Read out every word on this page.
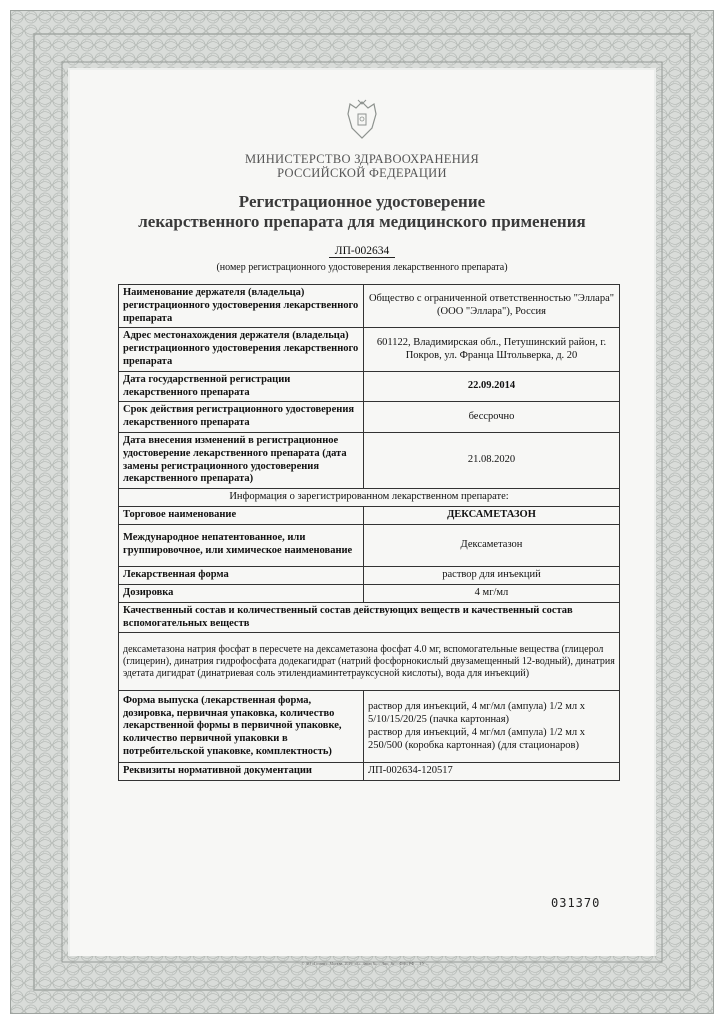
МИНИСТЕРСТВО ЗДРАВООХРАНЕНИЯ
РОССИЙСКОЙ ФЕДЕРАЦИИ
Регистрационное удостоверение
лекарственного препарата для медицинского применения
ЛП-002634
(номер регистрационного удостоверения лекарственного препарата)
Наименование держателя (владельца) регистрационного удостоверения лекарственного препарата	Общество с ограниченной ответственностью "Эллара" (ООО "Эллара"), Россия
Адрес местонахождения держателя (владельца) регистрационного удостоверения лекарственного препарата	601122, Владимирская обл., Петушинский район, г. Покров, ул. Франца Штольверка, д. 20
Дата государственной регистрации лекарственного препарата	22.09.2014
Срок действия регистрационного удостоверения лекарственного препарата	бессрочно
Дата внесения изменений в регистрационное удостоверение лекарственного препарата (дата замены регистрационного удостоверения лекарственного препарата)	21.08.2020
Информация о зарегистрированном лекарственном препарате:	
Торговое наименование	ДЕКСАМЕТАЗОН
Международное непатентованное, или группировочное, или химическое наименование	Дексаметазон
Лекарственная форма	раствор для инъекций
Дозировка	4 мг/мл
Качественный состав и количественный состав действующих веществ и качественный состав вспомогательных веществ	
дексаметазона натрия фосфат в пересчете на дексаметазона фосфат 4.0 мг, вспомогательные вещества (глицерол (глицерин), динатрия гидрофосфата додекагидрат (натрий фосфорнокислый двузамещенный 12-водный), динатрия эдетата дигидрат (динатриевая соль этилендиаминтетрауксусной кислоты), вода для инъекций)	
Форма выпуска (лекарственная форма, дозировка, первичная упаковка, количество лекарственной формы в первичной упаковке, количество первичной упаковки в потребительской упаковке, комплектность)	раствор для инъекций, 4 мг/мл (ампула) 1/2 мл х 5/10/15/20/25 (пачка картонная)
раствор для инъекций, 4 мг/мл (ампула) 1/2 мл х 250/500 (коробка картонная) (для стационаров)

Реквизиты нормативной документации	ЛП-002634-120517
031370
© АО «Гознак», Москва, 2019. «Б». Заказ № ... Лиц. № ... ФНС РФ ... ТУ ...
